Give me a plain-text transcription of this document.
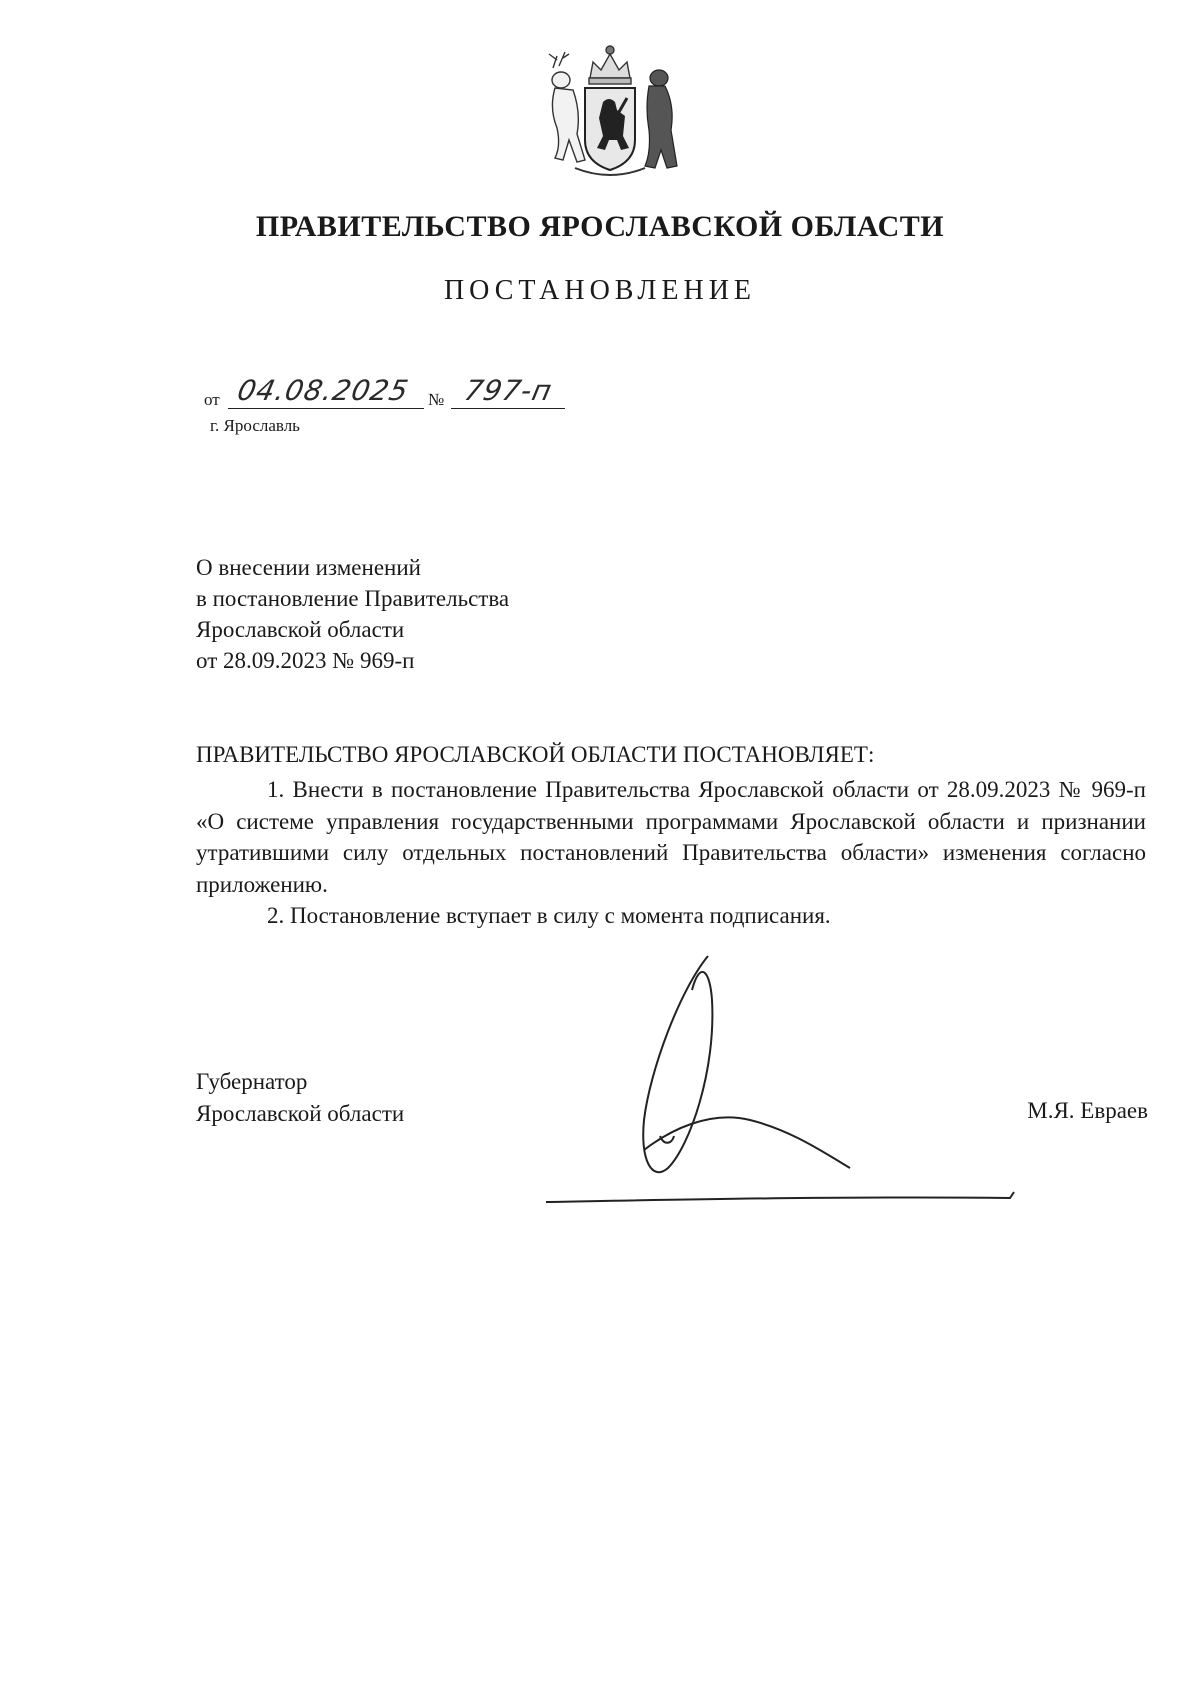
ПРАВИТЕЛЬСТВО ЯРОСЛАВСКОЙ ОБЛАСТИ
ПОСТАНОВЛЕНИЕ
от 04.08.2025 № 797-п
г. Ярославль
О внесении изменений
в постановление Правительства
Ярославской области
от 28.09.2023 № 969-п
ПРАВИТЕЛЬСТВО ЯРОСЛАВСКОЙ ОБЛАСТИ ПОСТАНОВЛЯЕТ:

1. Внести в постановление Правительства Ярославской области от 28.09.2023 № 969-п «О системе управления государственными программами Ярославской области и признании утратившими силу отдельных постановлений Правительства области» изменения согласно приложению.

2. Постановление вступает в силу с момента подписания.

Губернатор
Ярославской области	М.Я. Евраев
